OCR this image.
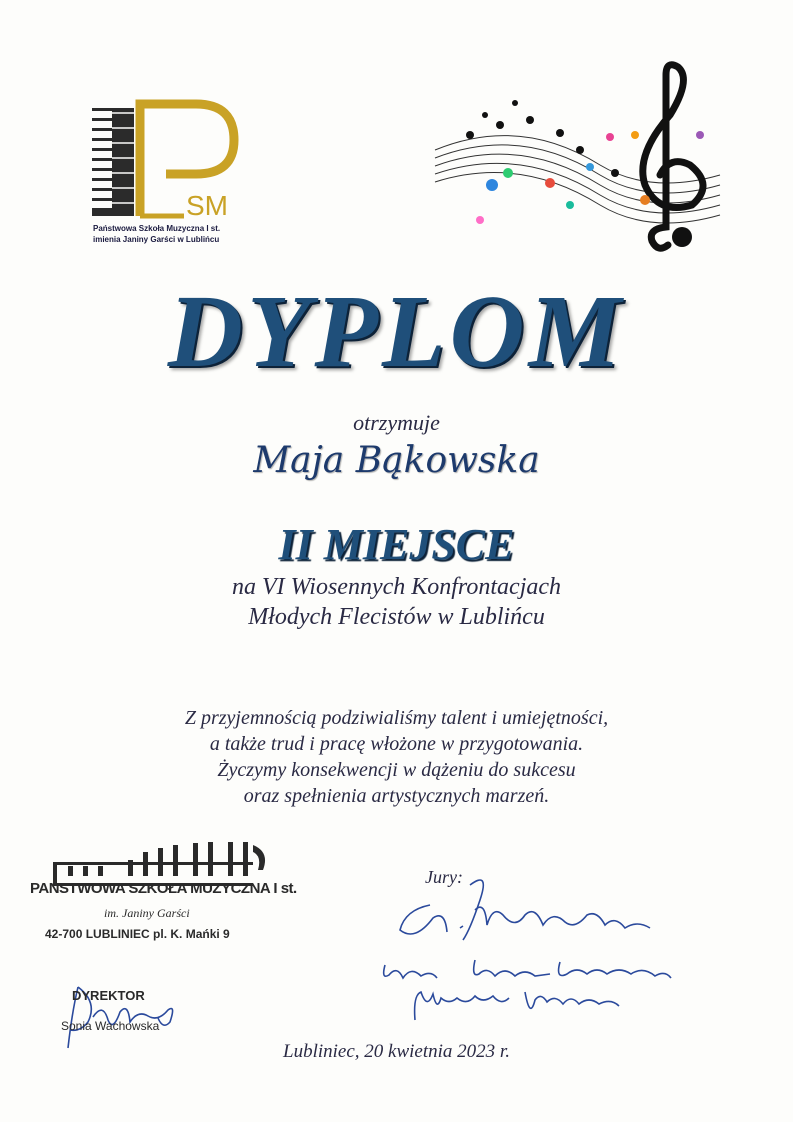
SM
Państwowa Szkoła Muzyczna I st.
imienia Janiny Garści w Lublińcu
DYPLOM
otrzymuje
Maja Bąkowska
II MIEJSCE
na VI Wiosennych Konfrontacjach
Młodych Flecistów w Lublińcu
Z przyjemnością podziwialiśmy talent i umiejętności,
a także trud i pracę włożone w przygotowania.
Życzymy konsekwencji w dążeniu do sukcesu
oraz spełnienia artystycznych marzeń.
PAŃSTWOWA SZKOŁA MUZYCZNA I st.
im. Janiny Garści
42-700 LUBLINIEC pl. K. Mańki 9
DYREKTOR
Sonia Wachowska
Jury:
Lubliniec, 20 kwietnia 2023 r.
